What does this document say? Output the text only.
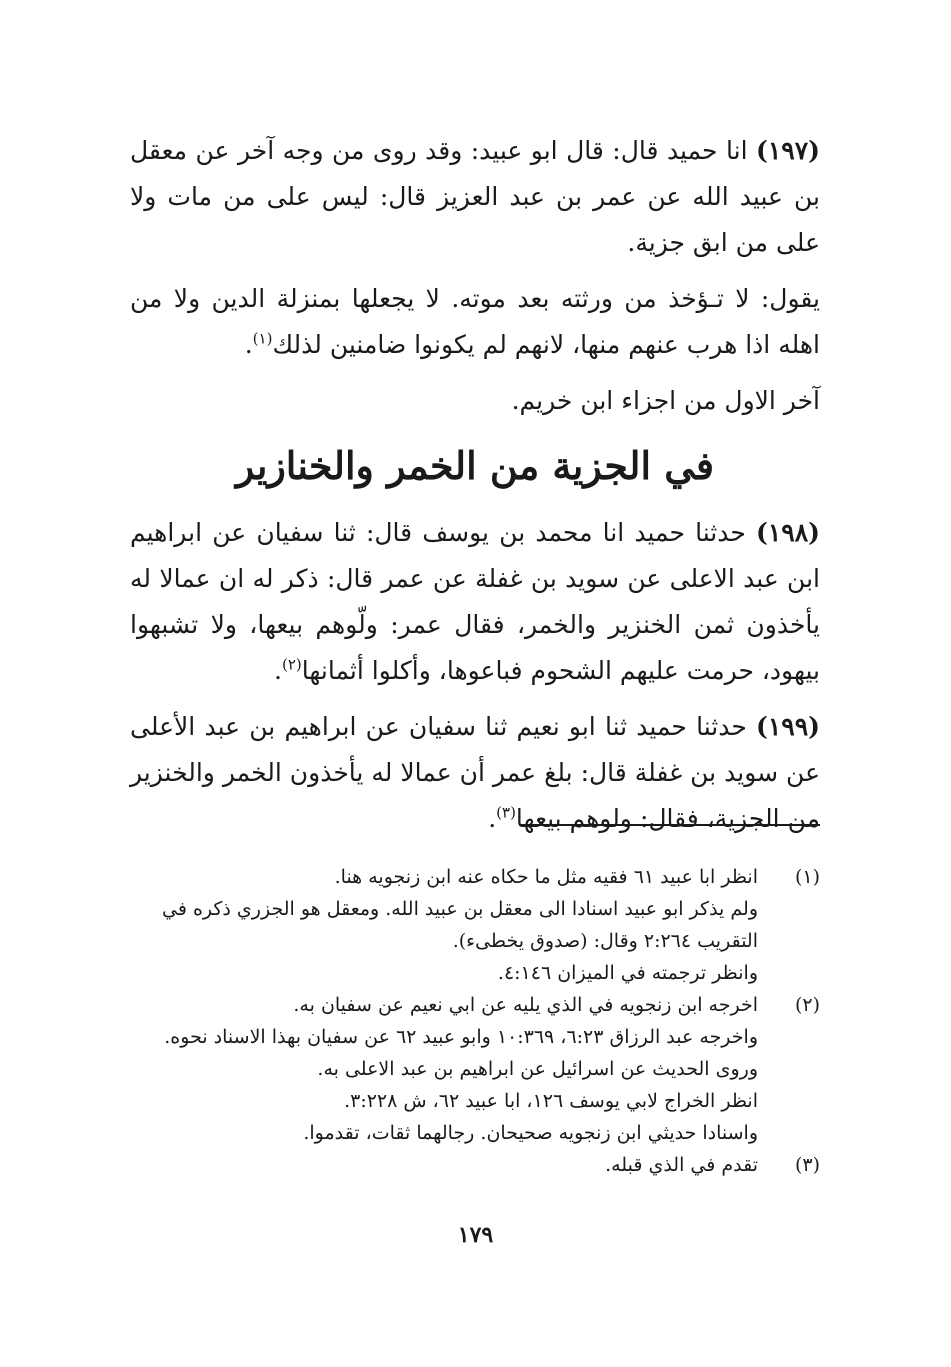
(١٩٧) انا حميد قال: قال ابو عبيد: وقد روى من وجه آخر عن معقل بن عبيد الله عن عمر بن عبد العزيز قال: ليس على من مات ولا على من ابق جزية.

يقول: لا تـؤخذ من ورثته بعد موته. لا يجعلها بمنزلة الدين ولا من اهله اذا هرب عنهم منها، لانهم لم يكونوا ضامنين لذلك$^{(١)}$.

آخر الاول من اجزاء ابن خريم.

في الجزية من الخمر والخنازير

(١٩٨) حدثنا حميد انا محمد بن يوسف قال: ثنا سفيان عن ابراهيم ابن عبد الاعلى عن سويد بن غفلة عن عمر قال: ذكر له ان عمالا له يأخذون ثمن الخنزير والخمر، فقال عمر: ولّوهم بيعها، ولا تشبهوا بيهود، حرمت عليهم الشحوم فباعوها، وأكلوا أثمانها$^{(٢)}$.

(١٩٩) حدثنا حميد ثنا ابو نعيم ثنا سفيان عن ابراهيم بن عبد الأعلى عن سويد بن غفلة قال: بلغ عمر أن عمالا له يأخذون الخمر والخنزير من الجزية، فقال: ولوهم بيعها$^{(٣)}$.

(١)

انظر ابا عبيد ٦١ فقيه مثل ما حكاه عنه ابن زنجويه هنا.

ولم يذكر ابو عبيد اسنادا الى معقل بن عبيد الله. ومعقل هو الجزري ذكره في

التقريب ٢:٢٦٤ وقال: (صدوق يخطىء).

وانظر ترجمته في الميزان ٤:١٤٦.

(٢)

اخرجه ابن زنجويه في الذي يليه عن ابي نعيم عن سفيان به.

واخرجه عبد الرزاق ٦:٢٣، ١٠:٣٦٩ وابو عبيد ٦٢ عن سفيان بهذا الاسناد نحوه.

وروى الحديث عن اسرائيل عن ابراهيم بن عبد الاعلى به.

انظر الخراج لابي يوسف ١٢٦، ابا عبيد ٦٢، ش ٣:٢٢٨.

واسنادا حديثي ابن زنجويه صحيحان. رجالهما ثقات، تقدموا.

(٣)

تقدم في الذي قبله.

١٧٩
